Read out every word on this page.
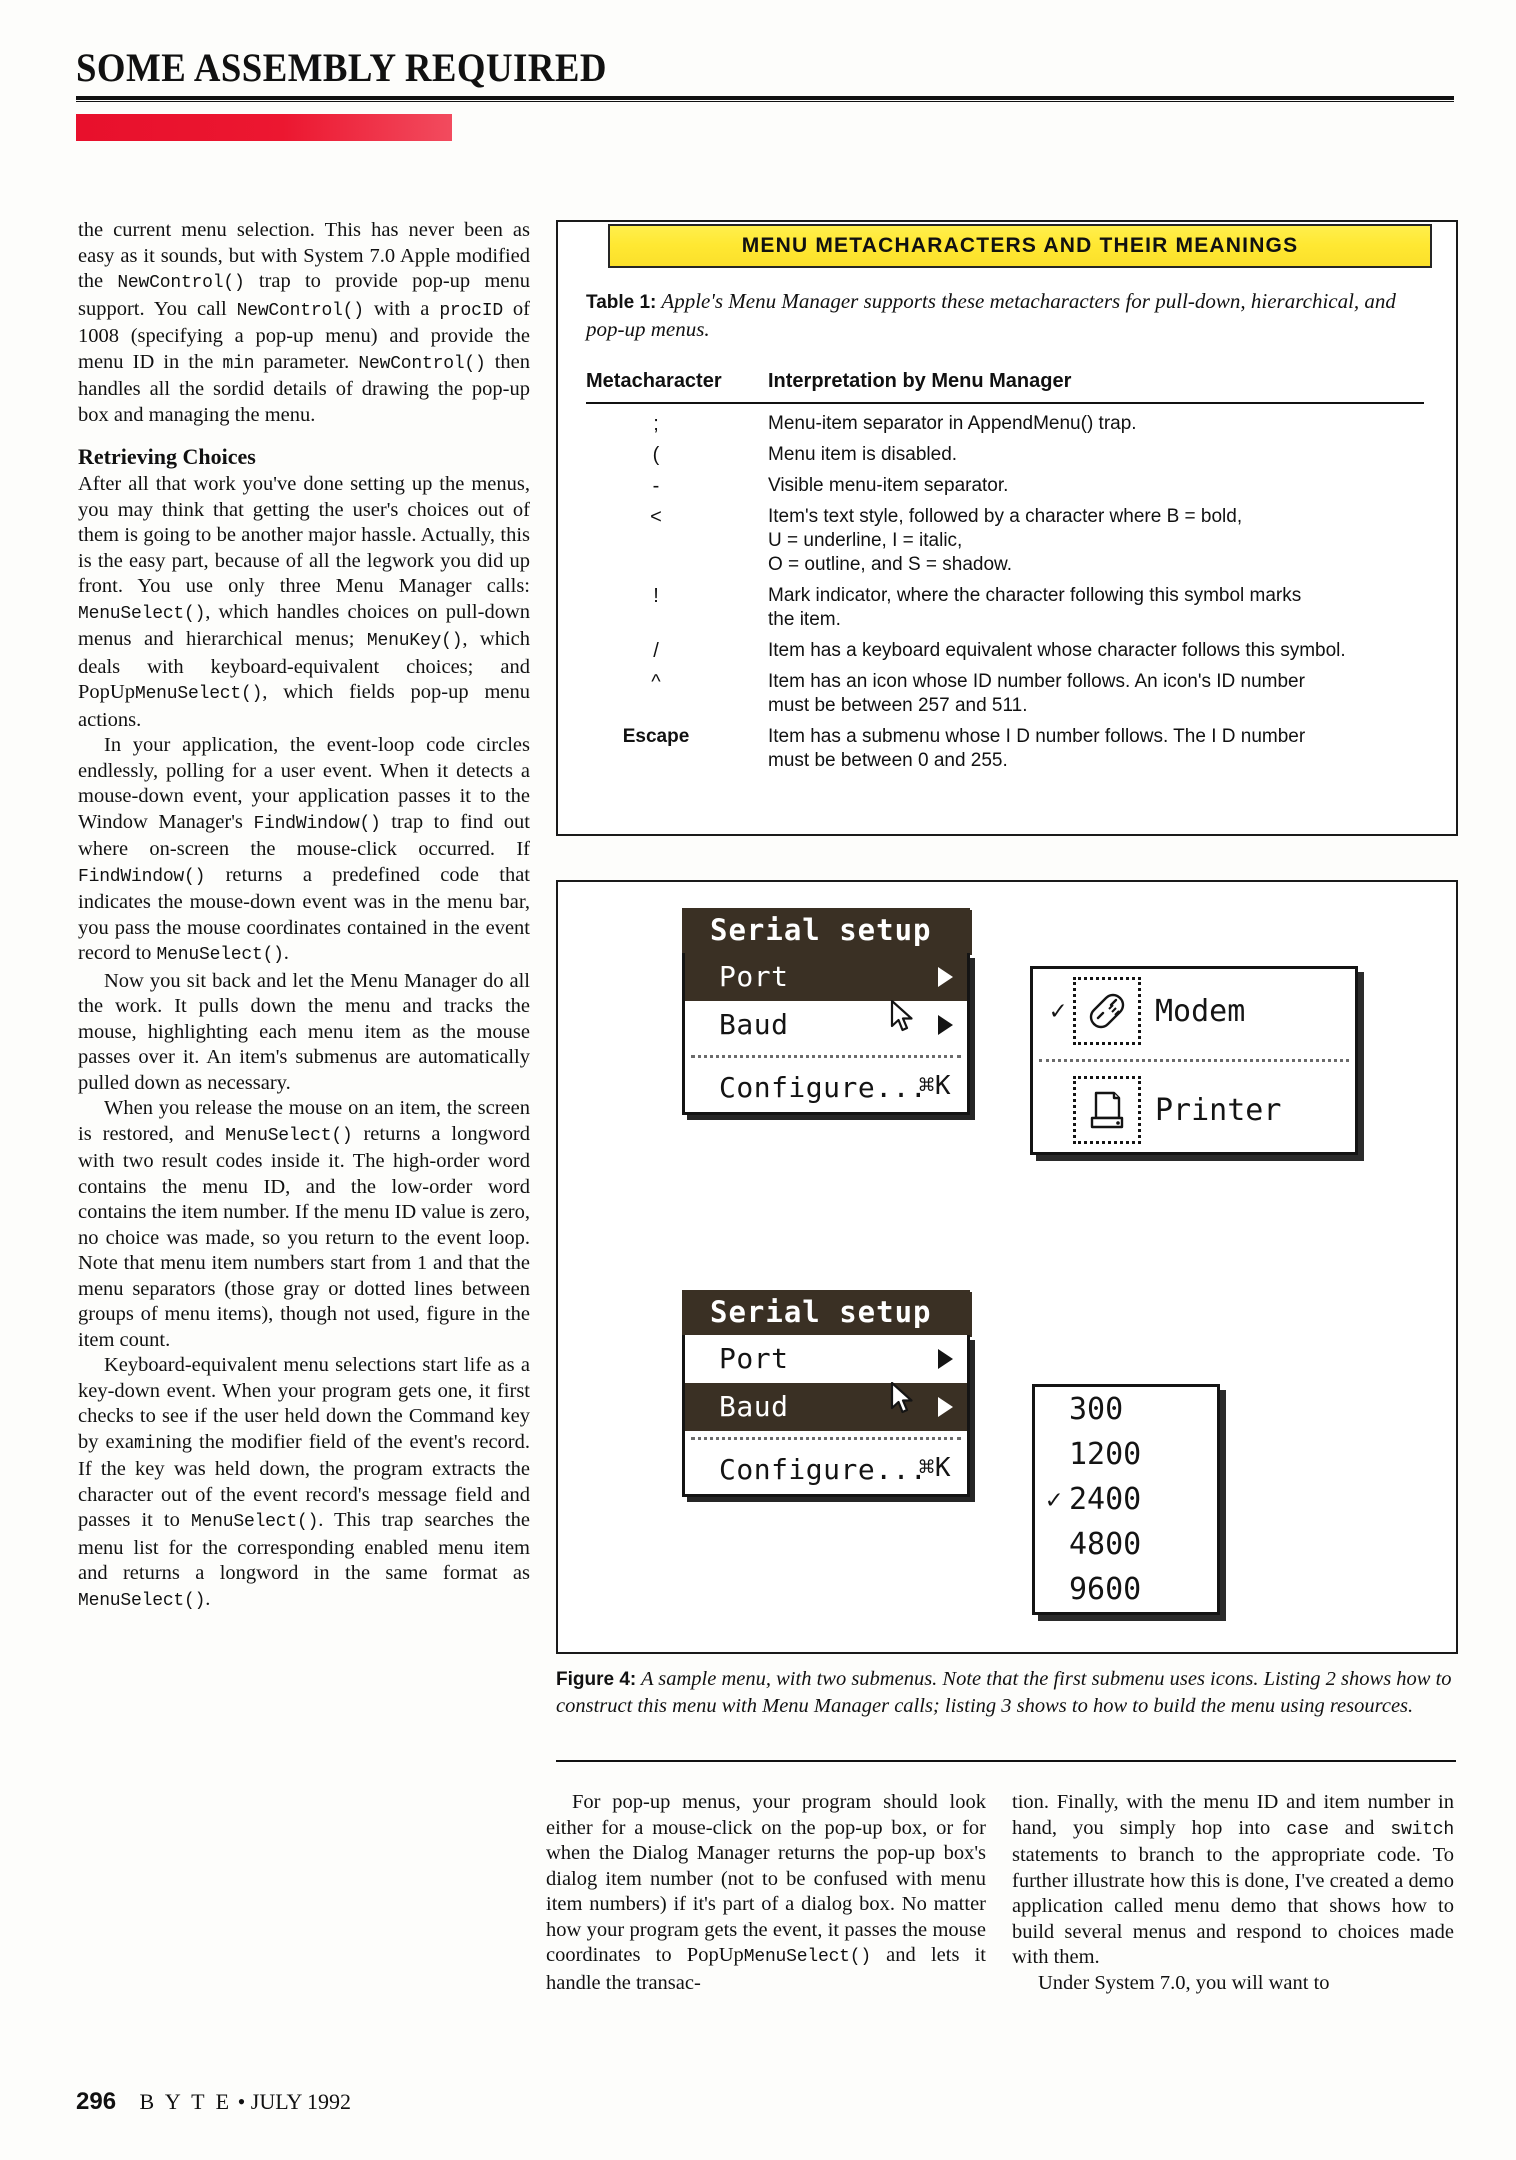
SOME ASSEMBLY REQUIRED

the current menu selection. This has never been as easy as it sounds, but with System 7.0 Apple modified the NewControl() trap to provide pop-up menu support. You call NewControl() with a procID of 1008 (specifying a pop-up menu) and provide the menu ID in the min parameter. NewControl() then handles all the sordid details of drawing the pop-up box and managing the menu.

Retrieving Choices

After all that work you've done setting up the menus, you may think that getting the user's choices out of them is going to be another major hassle. Actually, this is the easy part, because of all the legwork you did up front. You use only three Menu Manager calls: MenuSelect(), which handles choices on pull-down menus and hierarchical menus; MenuKey(), which deals with keyboard-equivalent choices; and PopUpMenuSelect(), which fields pop-up menu actions.

In your application, the event-loop code circles endlessly, polling for a user event. When it detects a mouse-down event, your application passes it to the Window Manager's FindWindow() trap to find out where on-screen the mouse-click occurred. If FindWindow() returns a predefined code that indicates the mouse-down event was in the menu bar, you pass the mouse coordinates contained in the event record to MenuSelect().

Now you sit back and let the Menu Manager do all the work. It pulls down the menu and tracks the mouse, highlighting each menu item as the mouse passes over it. An item's submenus are automatically pulled down as necessary.

When you release the mouse on an item, the screen is restored, and MenuSelect() returns a longword with two result codes inside it. The high-order word contains the menu ID, and the low-order word contains the item number. If the menu ID value is zero, no choice was made, so you return to the event loop. Note that menu item numbers start from 1 and that the menu separators (those gray or dotted lines between groups of menu items), though not used, figure in the item count.

Keyboard-equivalent menu selections start life as a key-down event. When your program gets one, it first checks to see if the user held down the Command key by examining the modifier field of the event's record. If the key was held down, the program extracts the character out of the event record's message field and passes it to MenuSelect(). This trap searches the menu list for the corresponding enabled menu item and returns a longword in the same format as MenuSelect().

MENU METACHARACTERS AND THEIR MEANINGS
Table 1: Apple's Menu Manager supports these metacharacters for pull-down, hierarchical, and pop-up menus.
Metacharacter Interpretation by Menu Manager
;	Menu-item separator in AppendMenu() trap.
(	Menu item is disabled.
-	Visible menu-item separator.
<	Item's text style, followed by a character where B = bold,
U = underline, I = italic,
O = outline, and S = shadow.
!	Mark indicator, where the character following this symbol marks
the item.
/	Item has a keyboard equivalent whose character follows this symbol.
^	Item has an icon whose ID number follows. An icon's ID number
must be between 257 and 511.
Escape	Item has a submenu whose I D number follows. The I D number
must be between 0 and 255.
Serial setup
Port
Baud
Configure...
⌘K
✓	Modem
Printer
Serial setup
Port
Baud
Configure...
⌘K
300
1200
✓ 2400
4800
9600
Figure 4: A sample menu, with two submenus. Note that the first submenu uses icons. Listing 2 shows how to construct this menu with Menu Manager calls; listing 3 shows to how to build the menu using resources.

For pop-up menus, your program should look either for a mouse-click on the pop-up box, or for when the Dialog Manager returns the pop-up box's dialog item number (not to be confused with menu item numbers) if it's part of a dialog box. No matter how your program gets the event, it passes the mouse coordinates to PopUpMenuSelect() and lets it handle the transac-

tion. Finally, with the menu ID and item number in hand, you simply hop into case and switch statements to branch to the appropriate code. To further illustrate how this is done, I've created a demo application called menu demo that shows how to build several menus and respond to choices made with them.

Under System 7.0, you will want to

296 B Y T E • JULY 1992
